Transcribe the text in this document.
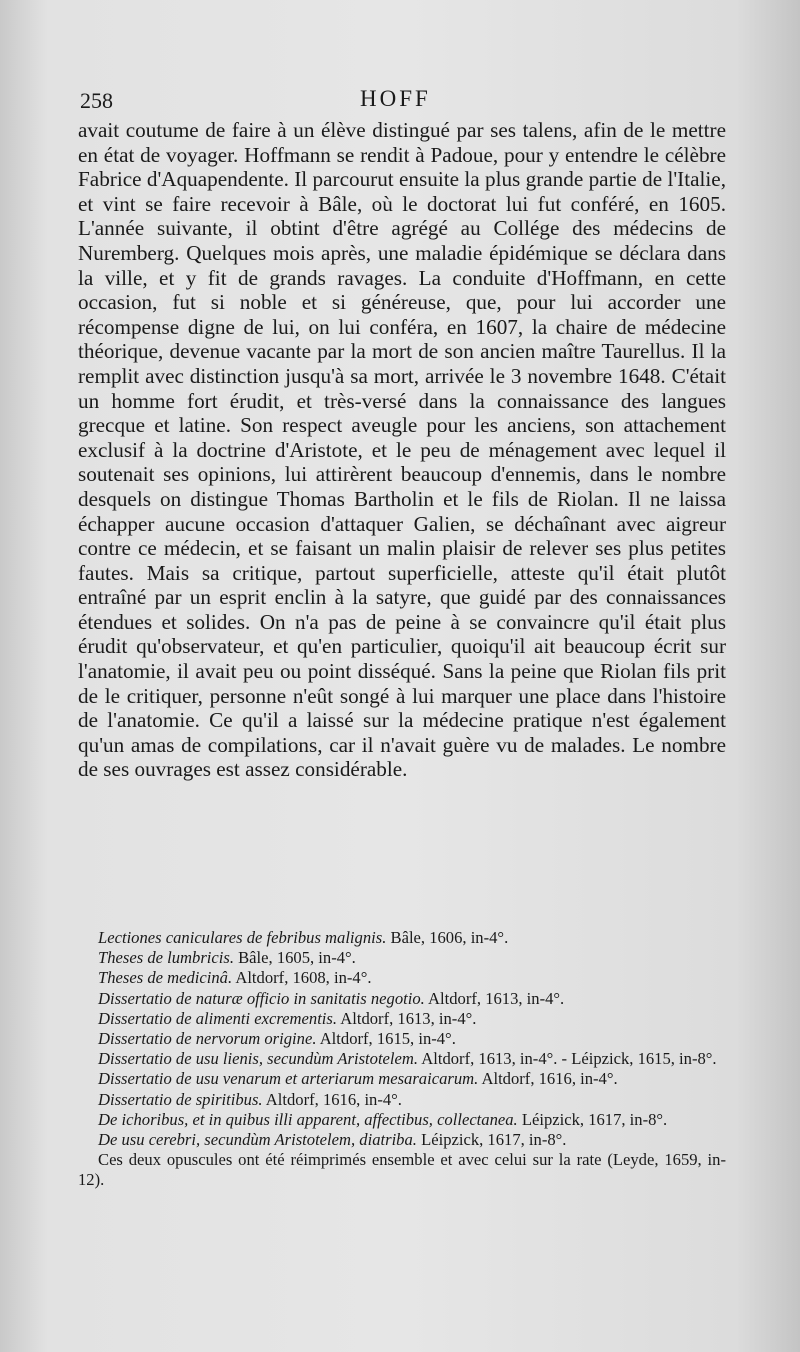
258	HOFF

avait coutume de faire à un élève distingué par ses talens, afin de le mettre en état de voyager. Hoffmann se rendit à Padoue, pour y entendre le célèbre Fabrice d'Aquapendente. Il parcourut ensuite la plus grande partie de l'Italie, et vint se faire recevoir à Bâle, où le doctorat lui fut conféré, en 1605. L'année suivante, il obtint d'être agrégé au Collége des médecins de Nuremberg. Quelques mois après, une maladie épidémique se déclara dans la ville, et y fit de grands ravages. La conduite d'Hoffmann, en cette occasion, fut si noble et si généreuse, que, pour lui accorder une récompense digne de lui, on lui conféra, en 1607, la chaire de médecine théorique, devenue vacante par la mort de son ancien maître Taurellus. Il la remplit avec distinction jusqu'à sa mort, arrivée le 3 novembre 1648. C'était un homme fort érudit, et très-versé dans la connaissance des langues grecque et latine. Son respect aveugle pour les anciens, son attachement exclusif à la doctrine d'Aristote, et le peu de ménagement avec lequel il soutenait ses opinions, lui attirèrent beaucoup d'ennemis, dans le nombre desquels on distingue Thomas Bartholin et le fils de Riolan. Il ne laissa échapper aucune occasion d'attaquer Galien, se déchaînant avec aigreur contre ce médecin, et se faisant un malin plaisir de relever ses plus petites fautes. Mais sa critique, partout superficielle, atteste qu'il était plutôt entraîné par un esprit enclin à la satyre, que guidé par des connaissances étendues et solides. On n'a pas de peine à se convaincre qu'il était plus érudit qu'observateur, et qu'en particulier, quoiqu'il ait beaucoup écrit sur l'anatomie, il avait peu ou point disséqué. Sans la peine que Riolan fils prit de le critiquer, personne n'eût songé à lui marquer une place dans l'histoire de l'anatomie. Ce qu'il a laissé sur la médecine pratique n'est également qu'un amas de compilations, car il n'avait guère vu de malades. Le nombre de ses ouvrages est assez considérable.

Lectiones caniculares de febribus malignis. Bâle, 1606, in-4°.

Theses de lumbricis. Bâle, 1605, in-4°.

Theses de medicinâ. Altdorf, 1608, in-4°.

Dissertatio de naturæ officio in sanitatis negotio. Altdorf, 1613, in-4°.

Dissertatio de alimenti excrementis. Altdorf, 1613, in-4°.

Dissertatio de nervorum origine. Altdorf, 1615, in-4°.

Dissertatio de usu lienis, secundùm Aristotelem. Altdorf, 1613, in-4°. - Léipzick, 1615, in-8°.

Dissertatio de usu venarum et arteriarum mesaraicarum. Altdorf, 1616, in-4°.

Dissertatio de spiritibus. Altdorf, 1616, in-4°.

De ichoribus, et in quibus illi apparent, affectibus, collectanea. Léipzick, 1617, in-8°.

De usu cerebri, secundùm Aristotelem, diatriba. Léipzick, 1617, in-8°.

Ces deux opuscules ont été réimprimés ensemble et avec celui sur la rate (Leyde, 1659, in-12).
